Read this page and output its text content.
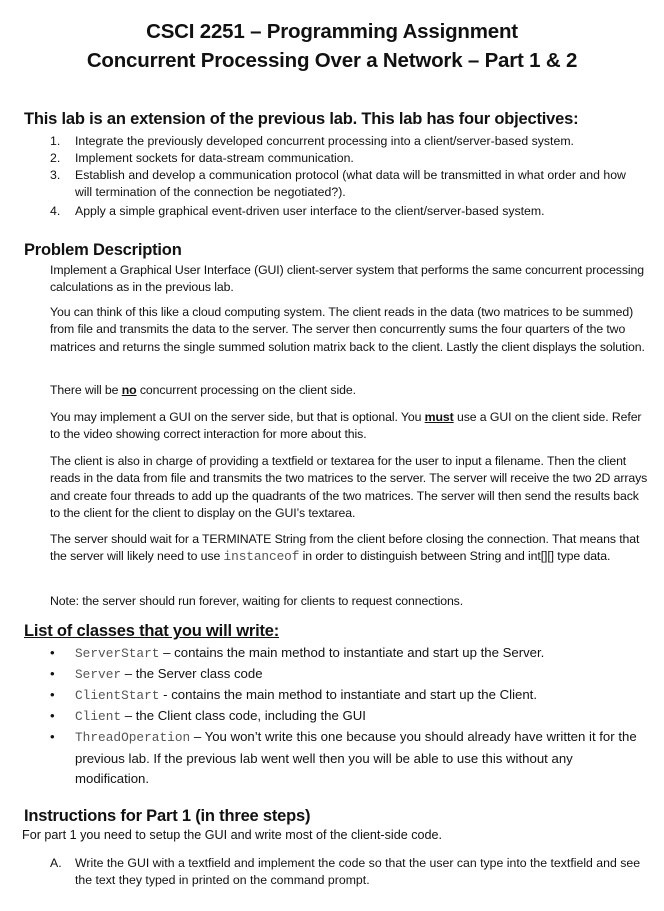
CSCI 2251 – Programming Assignment
Concurrent Processing Over a Network – Part 1 & 2
This lab is an extension of the previous lab. This lab has four objectives:
1. Integrate the previously developed concurrent processing into a client/server-based system.
2. Implement sockets for data-stream communication.
3. Establish and develop a communication protocol (what data will be transmitted in what order and how will termination of the connection be negotiated?).
4. Apply a simple graphical event-driven user interface to the client/server-based system.
Problem Description
Implement a Graphical User Interface (GUI) client-server system that performs the same concurrent processing calculations as in the previous lab.
You can think of this like a cloud computing system. The client reads in the data (two matrices to be summed) from file and transmits the data to the server. The server then concurrently sums the four quarters of the two matrices and returns the single summed solution matrix back to the client. Lastly the client displays the solution.
There will be no concurrent processing on the client side.
You may implement a GUI on the server side, but that is optional. You must use a GUI on the client side. Refer to the video showing correct interaction for more about this.
The client is also in charge of providing a textfield or textarea for the user to input a filename. Then the client reads in the data from file and transmits the two matrices to the server. The server will receive the two 2D arrays and create four threads to add up the quadrants of the two matrices. The server will then send the results back to the client for the client to display on the GUI’s textarea.
The server should wait for a TERMINATE String from the client before closing the connection. That means that the server will likely need to use instanceof in order to distinguish between String and int[][] type data.
Note: the server should run forever, waiting for clients to request connections.
List of classes that you will write:
• ServerStart – contains the main method to instantiate and start up the Server.
• Server – the Server class code
• ClientStart - contains the main method to instantiate and start up the Client.
• Client – the Client class code, including the GUI
• ThreadOperation – You won’t write this one because you should already have written it for the previous lab. If the previous lab went well then you will be able to use this without any modification.
Instructions for Part 1 (in three steps)
For part 1 you need to setup the GUI and write most of the client-side code.
A. Write the GUI with a textfield and implement the code so that the user can type into the textfield and see the text they typed in printed on the command prompt.
